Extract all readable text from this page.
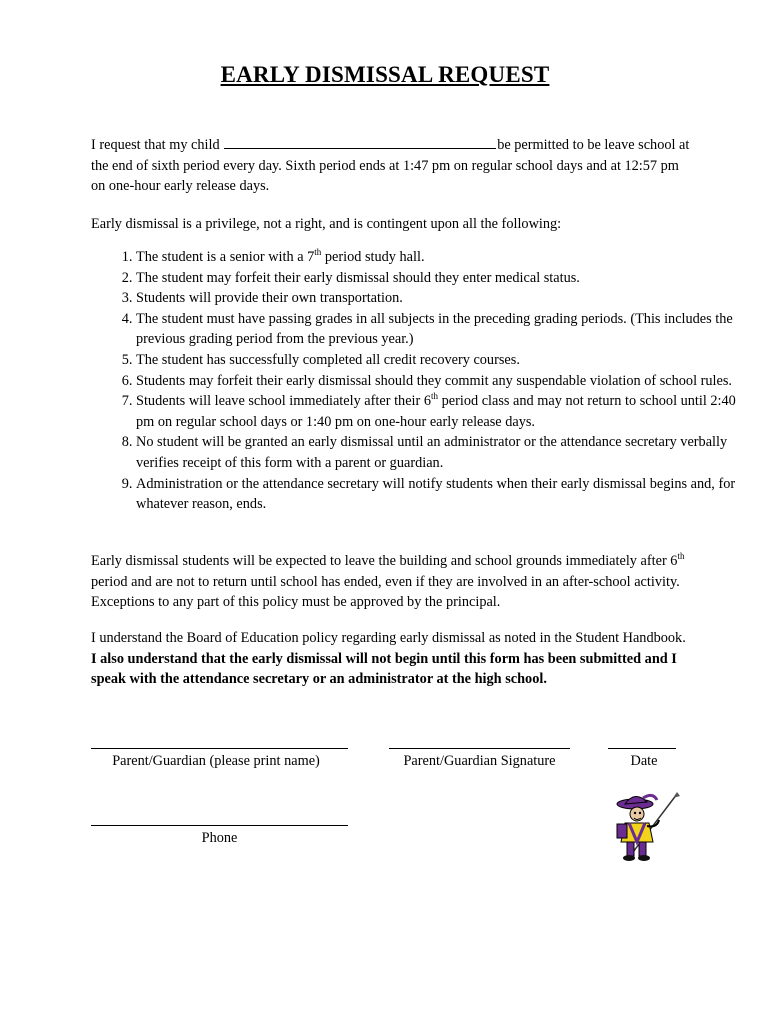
EARLY DISMISSAL REQUEST

I request that my child	be permitted to be leave school at the end of sixth period every day. Sixth period ends at 1:47 pm on regular school days and at 12:57 pm on one-hour early release days.

Early dismissal is a privilege, not a right, and is contingent upon all the following:

1. The student is a senior with a 7th period study hall.
2. The student may forfeit their early dismissal should they enter medical status.
3. Students will provide their own transportation.
4. The student must have passing grades in all subjects in the preceding grading periods. (This includes the previous grading period from the previous year.)
5. The student has successfully completed all credit recovery courses.
6. Students may forfeit their early dismissal should they commit any suspendable violation of school rules.
7. Students will leave school immediately after their 6th period class and may not return to school until 2:40 pm on regular school days or 1:40 pm on one-hour early release days.
8. No student will be granted an early dismissal until an administrator or the attendance secretary verbally verifies receipt of this form with a parent or guardian.
9. Administration or the attendance secretary will notify students when their early dismissal begins and, for whatever reason, ends.

Early dismissal students will be expected to leave the building and school grounds immediately after 6th period and are not to return until school has ended, even if they are involved in an after-school activity. Exceptions to any part of this policy must be approved by the principal.

I understand the Board of Education policy regarding early dismissal as noted in the Student Handbook. I also understand that the early dismissal will not begin until this form has been submitted and I speak with the attendance secretary or an administrator at the high school.

Parent/Guardian (please print name)	Parent/Guardian Signature	Date
Phone
